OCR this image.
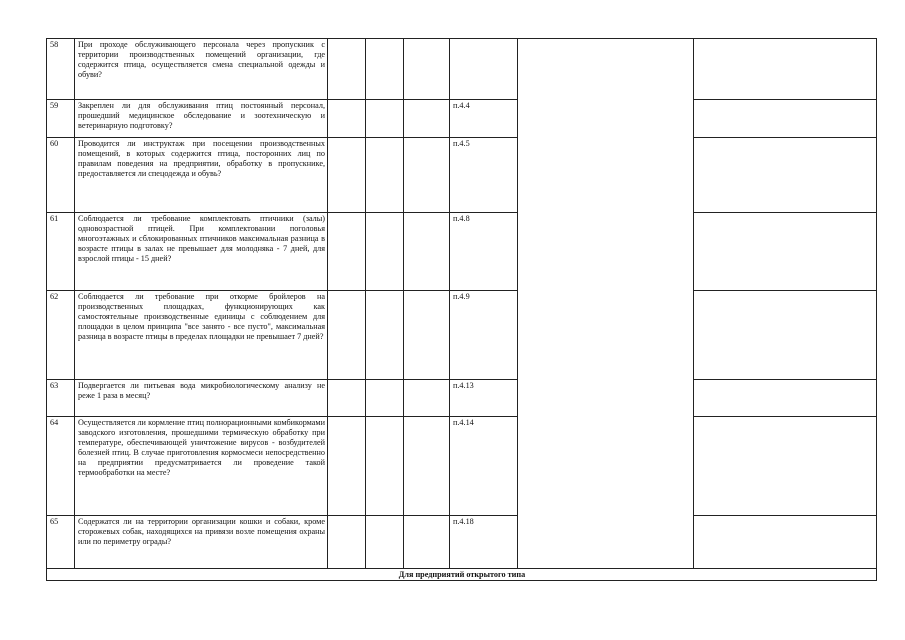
58	При проходе обслуживающего персонала через пропускник с территории производственных помещений организации, где содержится птица, осуществляется смена специальной одежды и обуви?						
59	Закреплен ли для обслуживания птиц постоянный персонал, прошедший медицинское обследование и зоотехническую и ветеринарную подготовку?				п.4.4		
60	Проводится ли инструктаж при посещении производственных помещений, в которых содержится птица, посторонних лиц по правилам поведения на предприятии, обработку в пропускнике, предоставляется ли спецодежда и обувь?				п.4.5		
61	Соблюдается ли требование комплектовать птичники (залы) одновозрастной птицей. При комплектовании поголовья многоэтажных и сблокированных птичников максимальная разница в возрасте птицы в залах не превышает для молодняка - 7 дней, для взрослой птицы - 15 дней?				п.4.8		
62	Соблюдается ли требование при откорме бройлеров на производственных площадках, функционирующих как самостоятельные производственные единицы с соблюдением для площадки в целом принципа "все занято - все пусто", максимальная разница в возрасте птицы в пределах площадки не превышает 7 дней?				п.4.9		
63	Подвергается ли питьевая вода микробиологическому анализу не реже 1 раза в месяц?				п.4.13		
64	Осуществляется ли кормление птиц полнорационными комбикормами заводского изготовления, прошедшими термическую обработку при температуре, обеспечивающей уничтожение вирусов - возбудителей болезней птиц. В случае приготовления кормосмеси непосредственно на предприятии предусматривается ли проведение такой термообработки на месте?				п.4.14		
65	Содержатся ли на территории организации кошки и собаки, кроме сторожевых собак, находящихся на привязи возле помещения охраны или по периметру ограды?				п.4.18		
Для предприятий открытого типа							
